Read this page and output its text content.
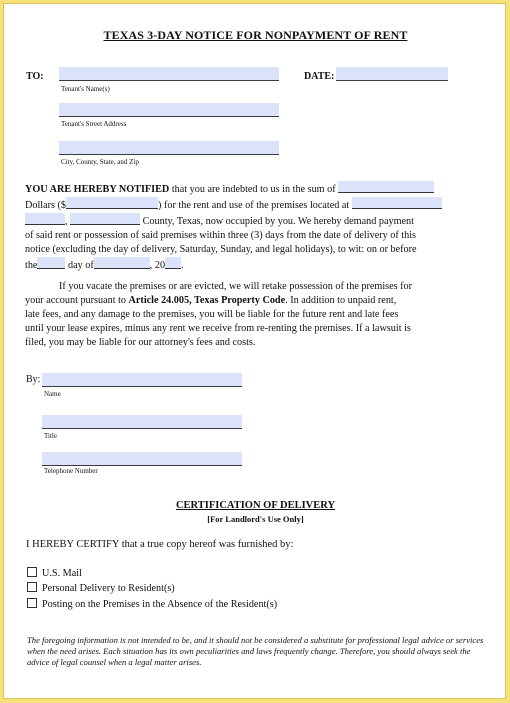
TEXAS 3-DAY NOTICE FOR NONPAYMENT OF RENT
TO:
Tenant's Name(s)
DATE:
Tenant's Street Address
City, County, State, and Zip
YOU ARE HEREBY NOTIFIED that you are indebted to us in the sum of
Dollars ($	) for the rent and use of the premises located at
,	County, Texas, now occupied by you. We hereby demand payment
of said rent or possession of said premises within three (3) days from the date of delivery of this
notice (excluding the day of delivery, Saturday, Sunday, and legal holidays), to wit: on or before
the	day of	, 20 .
If you vacate the premises or are evicted, we will retake possession of the premises for
your account pursuant to Article 24.005, Texas Property Code. In addition to unpaid rent,
late fees, and any damage to the premises, you will be liable for the future rent and late fees
until your lease expires, minus any rent we receive from re-renting the premises. If a lawsuit is
filed, you may be liable for our attorney's fees and costs.
By:
Name
Title
Telephone Number
CERTIFICATION OF DELIVERY
[For Landlord's Use Only]
I HEREBY CERTIFY that a true copy hereof was furnished by:
U.S. Mail
Personal Delivery to Resident(s)
Posting on the Premises in the Absence of the Resident(s)
The foregoing information is not intended to be, and it should not be considered a substitute for professional legal advice or services when the need arises. Each situation has its own peculiarities and laws frequently change. Therefore, you should always seek the advice of legal counsel when a legal matter arises.
